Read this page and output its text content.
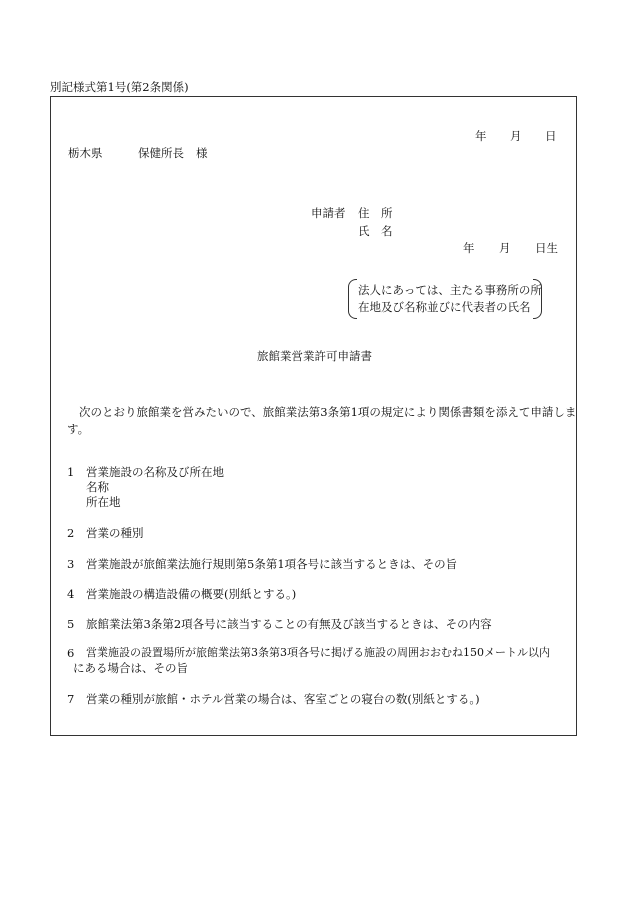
別記様式第1号(第2条関係)
年 月 日
栃木県	保健所長 様
申請者 住　所
氏　名
年 月 日生
法人にあっては、主たる事務所の所
在地及び名称並びに代表者の氏名
旅館業営業許可申請書
次のとおり旅館業を営みたいので、旅館業法第3条第1項の規定により関係書類を添えて申請します。
1 営業施設の名称及び所在地
名称
所在地
2 営業の種別
3 営業施設が旅館業法施行規則第5条第1項各号に該当するときは、その旨
4 営業施設の構造設備の概要(別紙とする。)
5 旅館業法第3条第2項各号に該当することの有無及び該当するときは、その内容
6 営業施設の設置場所が旅館業法第3条第3項各号に掲げる施設の周囲おおむね150メートル以内
にある場合は、その旨
7 営業の種別が旅館・ホテル営業の場合は、客室ごとの寝台の数(別紙とする。)
